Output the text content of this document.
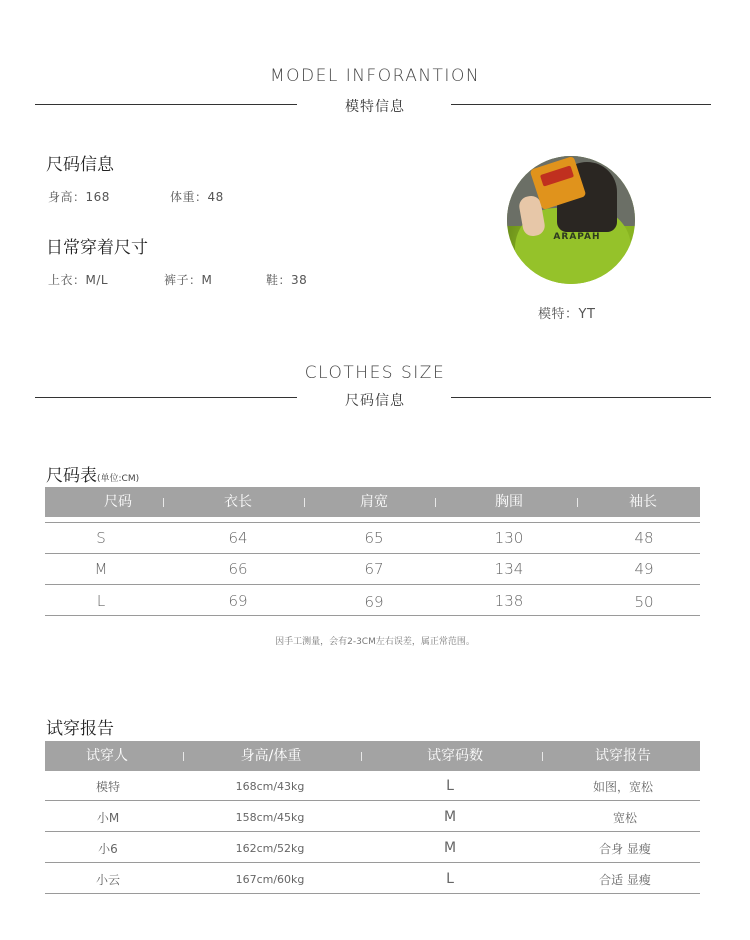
MODEL INFORANTION
模特信息
尺码信息
身高：168	体重：48
日常穿着尺寸
上衣：M/L	裤子：M	鞋：38
ARAPAH
模特：YT
CLOTHES SIZE
尺码信息
尺码表(单位:CM)
尺码	衣长	肩宽	胸围	袖长
S	64	65	130	48
M	66	67	134	49
L	69	69	138	50
因手工测量，会有2-3CM左右误差，属正常范围。
试穿报告
试穿人	身高/体重	试穿码数	试穿报告
模特	168cm/43kg	L	如图，宽松
小M	158cm/45kg	M	宽松
小6	162cm/52kg	M	合身 显瘦
小云	167cm/60kg	L	合适 显瘦
